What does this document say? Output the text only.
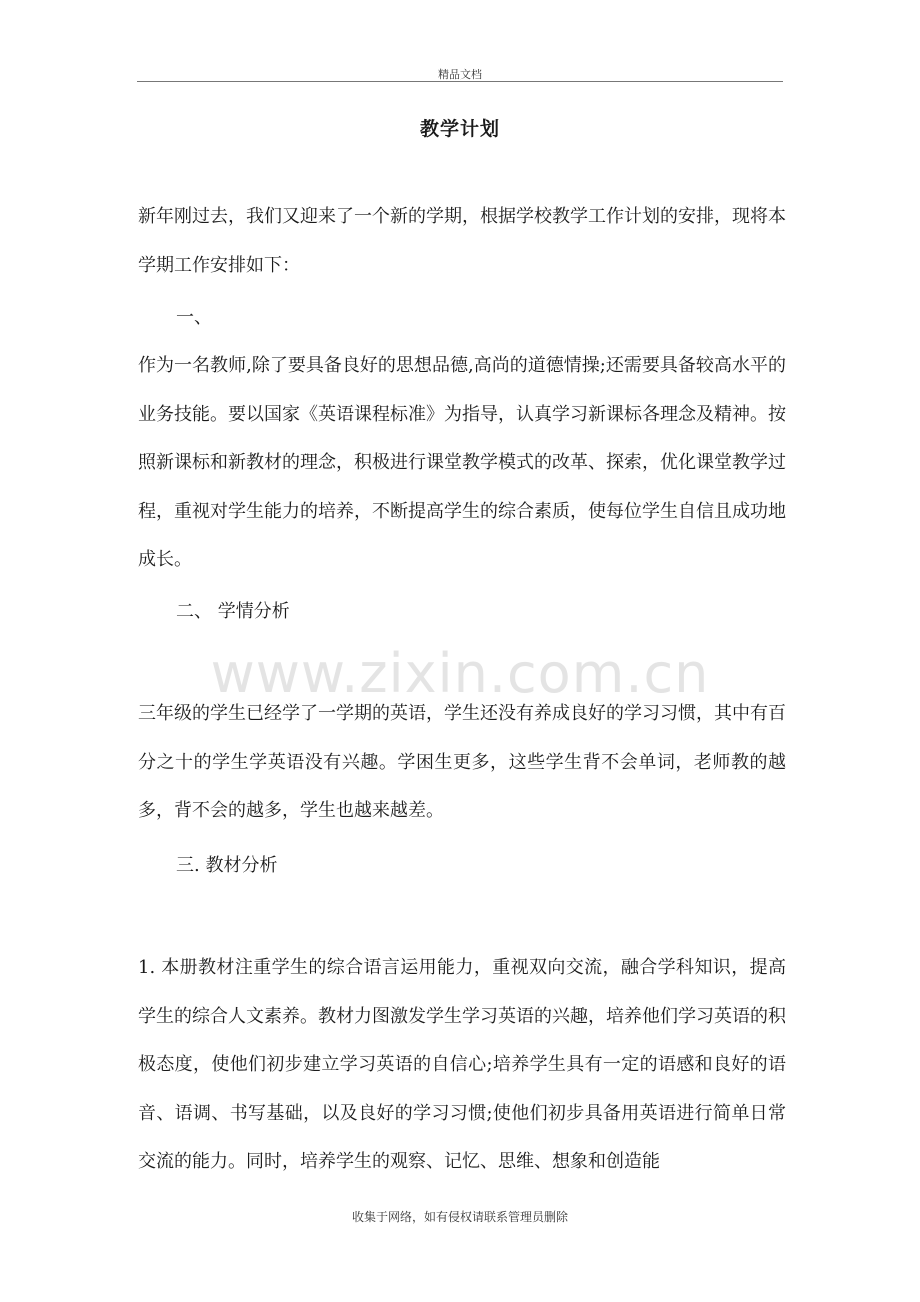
精品文档
教学计划
新年刚过去，我们又迎来了一个新的学期，根据学校教学工作计划的安排，现将本学期工作安排如下：
一、
作为一名教师,除了要具备良好的思想品德,高尚的道德情操;还需要具备较高水平的业务技能。要以国家《英语课程标准》为指导，认真学习新课标各理念及精神。按照新课标和新教材的理念，积极进行课堂教学模式的改革、探索，优化课堂教学过程，重视对学生能力的培养，不断提高学生的综合素质，使每位学生自信且成功地成长。
二、 学情分析
www.zixin.com.cn
三年级的学生已经学了一学期的英语，学生还没有养成良好的学习习惯，其中有百分之十的学生学英语没有兴趣。学困生更多，这些学生背不会单词，老师教的越多，背不会的越多，学生也越来越差。
三. 教材分析
1. 本册教材注重学生的综合语言运用能力，重视双向交流，融合学科知识，提高学生的综合人文素养。教材力图激发学生学习英语的兴趣，培养他们学习英语的积极态度，使他们初步建立学习英语的自信心;培养学生具有一定的语感和良好的语音、语调、书写基础，以及良好的学习习惯;使他们初步具备用英语进行简单日常交流的能力。同时，培养学生的观察、记忆、思维、想象和创造能
收集于网络，如有侵权请联系管理员删除
